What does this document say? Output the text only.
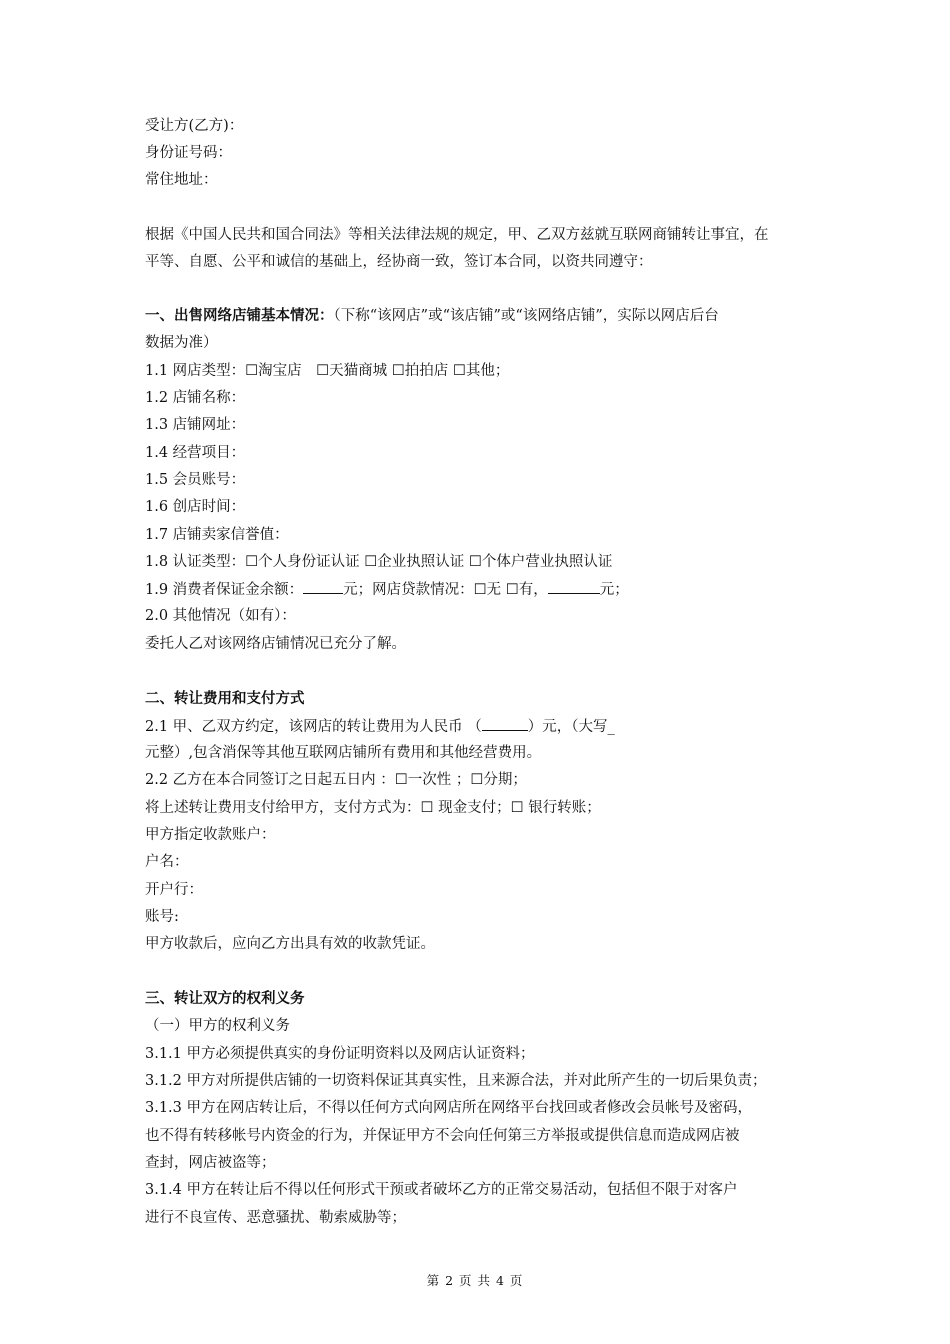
受让方(乙方)：
身份证号码：
常住地址：
根据《中国人民共和国合同法》等相关法律法规的规定，甲、乙双方兹就互联网商铺转让事宜，在
平等、自愿、公平和诚信的基础上，经协商一致，签订本合同，以资共同遵守：
一、出售网络店铺基本情况：（下称“该网店”或“该店铺”或“该网络店铺”，实际以网店后台
数据为准）
1.1 网店类型：☐淘宝店　☐天猫商城 ☐拍拍店 ☐其他；
1.2 店铺名称：
1.3 店铺网址：
1.4 经营项目：
1.5 会员账号：
1.6 创店时间：
1.7 店铺卖家信誉值：
1.8 认证类型：☐个人身份证认证 ☐企业执照认证 ☐个体户营业执照认证
1.9 消费者保证金余额：	元；网店贷款情况：☐无 ☐有，	元；
2.0 其他情况（如有）：
委托人乙对该网络店铺情况已充分了解。
二、转让费用和支付方式
2.1 甲、乙双方约定，该网店的转让费用为人民币 （	）元，（大写_
元整）,包含消保等其他互联网店铺所有费用和其他经营费用。
2.2 乙方在本合同签订之日起五日内 ：☐一次性 ；☐分期；
将上述转让费用支付给甲方，支付方式为：☐ 现金支付；☐ 银行转账；
甲方指定收款账户：
户名：
开户行：
账号:
甲方收款后，应向乙方出具有效的收款凭证。
三、转让双方的权利义务
（一）甲方的权利义务
3.1.1 甲方必须提供真实的身份证明资料以及网店认证资料；
3.1.2 甲方对所提供店铺的一切资料保证其真实性，且来源合法，并对此所产生的一切后果负责；
3.1.3 甲方在网店转让后，不得以任何方式向网店所在网络平台找回或者修改会员帐号及密码，
也不得有转移帐号内资金的行为，并保证甲方不会向任何第三方举报或提供信息而造成网店被
查封，网店被盗等；
3.1.4 甲方在转让后不得以任何形式干预或者破坏乙方的正常交易活动，包括但不限于对客户
进行不良宣传、恶意骚扰、勒索威胁等；
第 2 页 共 4 页
